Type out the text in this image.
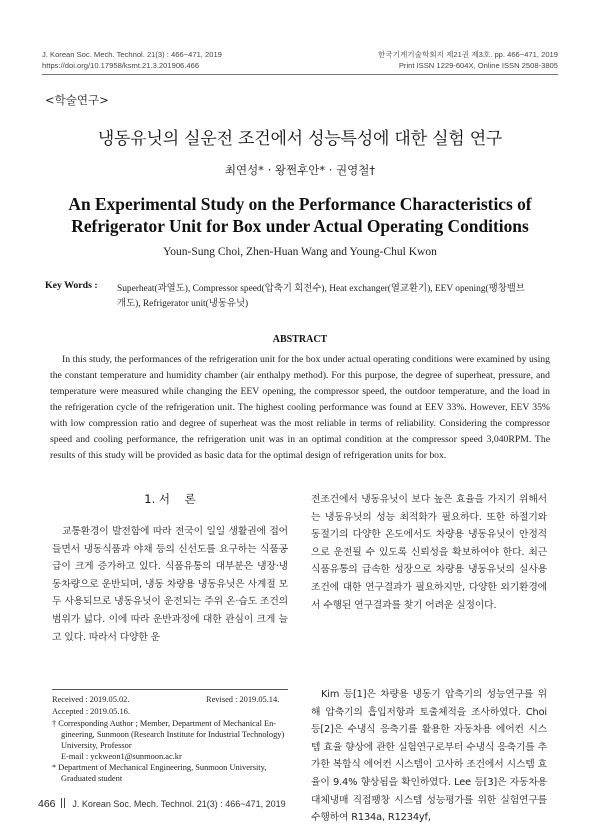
J. Korean Soc. Mech. Technol. 21(3) : 466~471, 2019
https://doi.org/10.17958/ksmt.21.3.201906.466
한국기계기술학회지 제21권 제3호. pp. 466~471, 2019
Print ISSN 1229-604X, Online ISSN 2508-3805
<학술연구>
냉동유닛의 실운전 조건에서 성능특성에 대한 실험 연구
최연성* · 왕쩐후안* · 권영철†
An Experimental Study on the Performance Characteristics of
Refrigerator Unit for Box under Actual Operating Conditions
Youn-Sung Choi, Zhen-Huan Wang and Young-Chul Kwon
Key Words : Superheat(과열도), Compressor speed(압축기 회전수), Heat exchanger(열교환기), EEV opening(팽창밸브
개도), Refrigerator unit(냉동유닛)
ABSTRACT

In this study, the performances of the refrigeration unit for the box under actual operating conditions were examined by using the constant temperature and humidity chamber (air enthalpy method). For this purpose, the degree of superheat, pressure, and temperature were measured while changing the EEV opening, the compressor speed, the outdoor temperature, and the load in the refrigeration cycle of the refrigeration unit. The highest cooling performance was found at EEV 33%. However, EEV 35% with low compression ratio and degree of superheat was the most reliable in terms of reliability. Considering the compressor speed and cooling performance, the refrigeration unit was in an optimal condition at the compressor speed 3,040RPM. The results of this study will be provided as basic data for the optimal design of refrigeration units for box.

1. 서    론

교통환경이 발전함에 따라 전국이 일일 생활권에 접어들면서 냉동식품과 야채 등의 신선도를 요구하는 식품공급이 크게 증가하고 있다. 식품유통의 대부분은 냉장·냉동차량으로 운반되며, 냉동 차량용 냉동유닛은 사계절 모두 사용되므로 냉동유닛이 운전되는 주위 온·습도 조건의 범위가 넓다. 이에 따라 운반과정에 대한 관심이 크게 늘고 있다. 따라서 다양한 운

전조건에서 냉동유닛이 보다 높은 효율을 가지기 위해서는 냉동유닛의 성능 최적화가 필요하다. 또한 하절기와 동절기의 다양한 온도에서도 차량용 냉동유닛이 안정적으로 운전될 수 있도록 신뢰성을 확보하여야 한다. 최근 식품유통의 급속한 성장으로 차량용 냉동유닛의 실사용 조건에 대한 연구결과가 필요하지만, 다양한 외기환경에서 수행된 연구결과를 찾기 어려운 실정이다.

Kim 등[1]은 차량용 냉동기 압축기의 성능연구를 위해 압축기의 흡입저항과 토출체적을 조사하였다. Choi 등[2]은 수냉식 응축기를 활용한 자동차용 에어컨 시스템 효율 향상에 관한 실험연구로부터 수냉식 응축기를 추가한 복합식 에어컨 시스템이 고사하 조건에서 시스템 효율이 9.4% 향상됨을 확인하였다. Lee 등[3]은 자동차용 대체냉매 직접팽창 시스템 성능평가를 위한 실험연구를 수행하여 R134a, R1234yf,

Received : 2019.05.02.	Revised : 2019.05.14.
Accepted : 2019.05.16.
† Corresponding Author ; Member, Department of Mechanical En-
gineering, Sunmoon (Research Institute for Industrial Technology)
University, Professor
E-mail : yckweon1@sunmoon.ac.kr
* Department of Mechanical Engineering, Sunmoon University,
Graduated student
466 J. Korean Soc. Mech. Technol. 21(3) : 466~471, 2019
